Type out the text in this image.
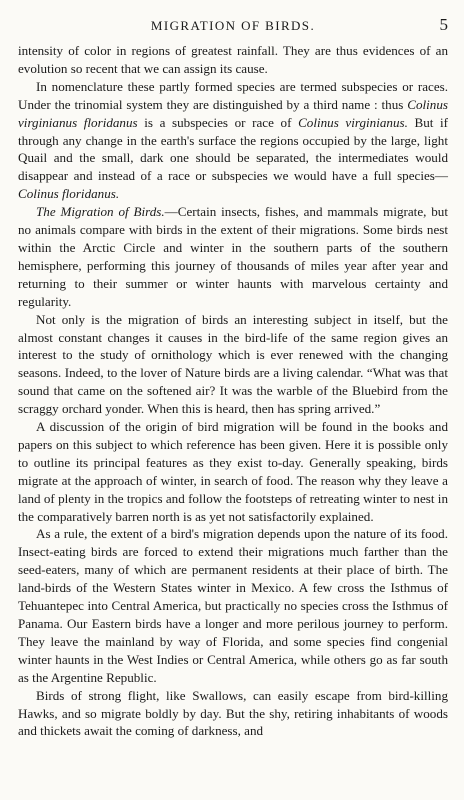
MIGRATION OF BIRDS.	5

intensity of color in regions of greatest rainfall. They are thus evidences of an evolution so recent that we can assign its cause.

In nomenclature these partly formed species are termed subspecies or races. Under the trinomial system they are distinguished by a third name : thus Colinus virginianus floridanus is a subspecies or race of Colinus virginianus. But if through any change in the earth's surface the regions occupied by the large, light Quail and the small, dark one should be separated, the intermediates would disappear and instead of a race or subspecies we would have a full species—Colinus floridanus.

The Migration of Birds.—Certain insects, fishes, and mammals migrate, but no animals compare with birds in the extent of their migrations. Some birds nest within the Arctic Circle and winter in the southern parts of the southern hemisphere, performing this journey of thousands of miles year after year and returning to their summer or winter haunts with marvelous certainty and regularity.

Not only is the migration of birds an interesting subject in itself, but the almost constant changes it causes in the bird-life of the same region gives an interest to the study of ornithology which is ever renewed with the changing seasons. Indeed, to the lover of Nature birds are a living calendar. “What was that sound that came on the softened air? It was the warble of the Bluebird from the scraggy orchard yonder. When this is heard, then has spring arrived.”

A discussion of the origin of bird migration will be found in the books and papers on this subject to which reference has been given. Here it is possible only to outline its principal features as they exist to-day. Generally speaking, birds migrate at the approach of winter, in search of food. The reason why they leave a land of plenty in the tropics and follow the footsteps of retreating winter to nest in the comparatively barren north is as yet not satisfactorily explained.

As a rule, the extent of a bird's migration depends upon the nature of its food. Insect-eating birds are forced to extend their migrations much farther than the seed-eaters, many of which are permanent residents at their place of birth. The land-birds of the Western States winter in Mexico. A few cross the Isthmus of Tehuantepec into Central America, but practically no species cross the Isthmus of Panama. Our Eastern birds have a longer and more perilous journey to perform. They leave the mainland by way of Florida, and some species find congenial winter haunts in the West Indies or Central America, while others go as far south as the Argentine Republic.

Birds of strong flight, like Swallows, can easily escape from bird-killing Hawks, and so migrate boldly by day. But the shy, retiring inhabitants of woods and thickets await the coming of darkness, and
